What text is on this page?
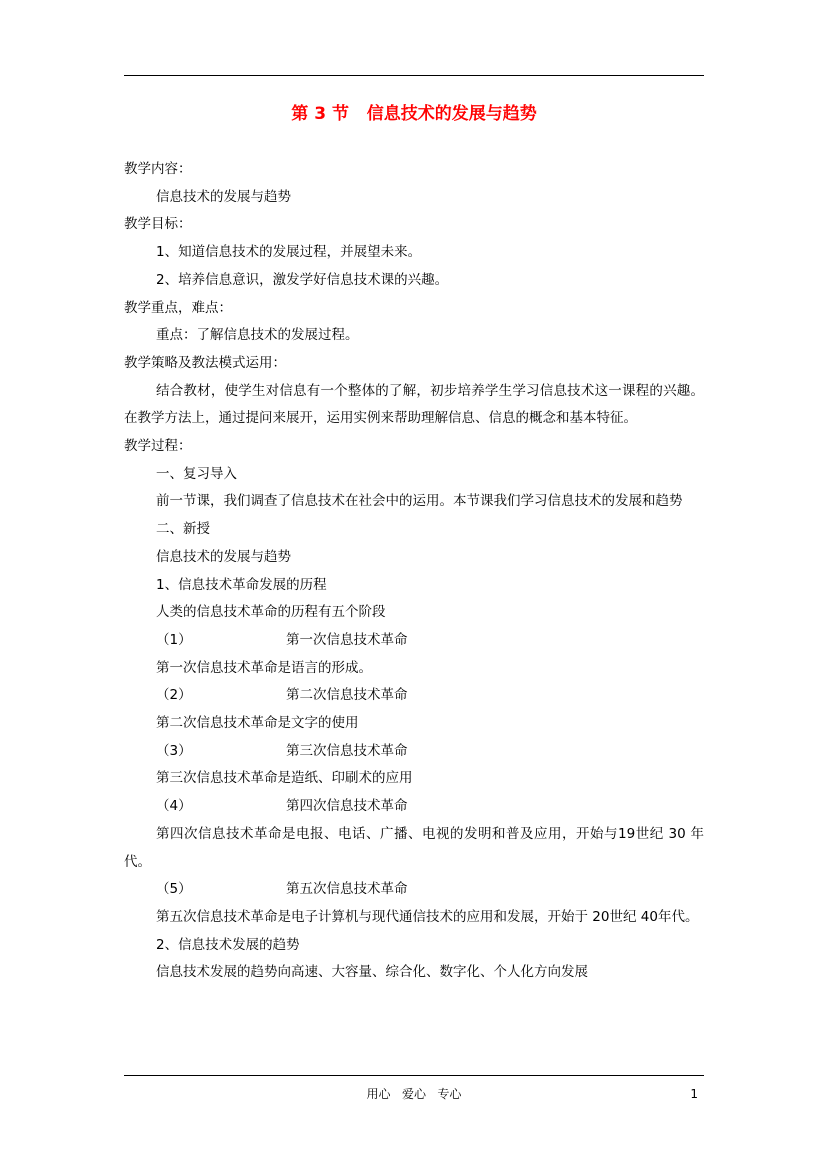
第 3 节   信息技术的发展与趋势

教学内容：

信息技术的发展与趋势

教学目标：

1、知道信息技术的发展过程，并展望未来。

2、培养信息意识，激发学好信息技术课的兴趣。

教学重点，难点：

重点：了解信息技术的发展过程。

教学策略及教法模式运用：

结合教材，使学生对信息有一个整体的了解，初步培养学生学习信息技术这一课程的兴趣。在教学方法上，通过提问来展开，运用实例来帮助理解信息、信息的概念和基本特征。

教学过程：

一、复习导入

前一节课，我们调查了信息技术在社会中的运用。本节课我们学习信息技术的发展和趋势

二、新授

信息技术的发展与趋势

1、信息技术革命发展的历程

人类的信息技术革命的历程有五个阶段

（1）	第一次信息技术革命

第一次信息技术革命是语言的形成。

（2）	第二次信息技术革命

第二次信息技术革命是文字的使用

（3）	第三次信息技术革命

第三次信息技术革命是造纸、印刷术的应用

（4）	第四次信息技术革命

第四次信息技术革命是电报、电话、广播、电视的发明和普及应用，开始与19世纪 30 年代。

（5）	第五次信息技术革命

第五次信息技术革命是电子计算机与现代通信技术的应用和发展，开始于 20世纪 40年代。

2、信息技术发展的趋势

信息技术发展的趋势向高速、大容量、综合化、数字化、个人化方向发展

用心   爱心   专心	1
